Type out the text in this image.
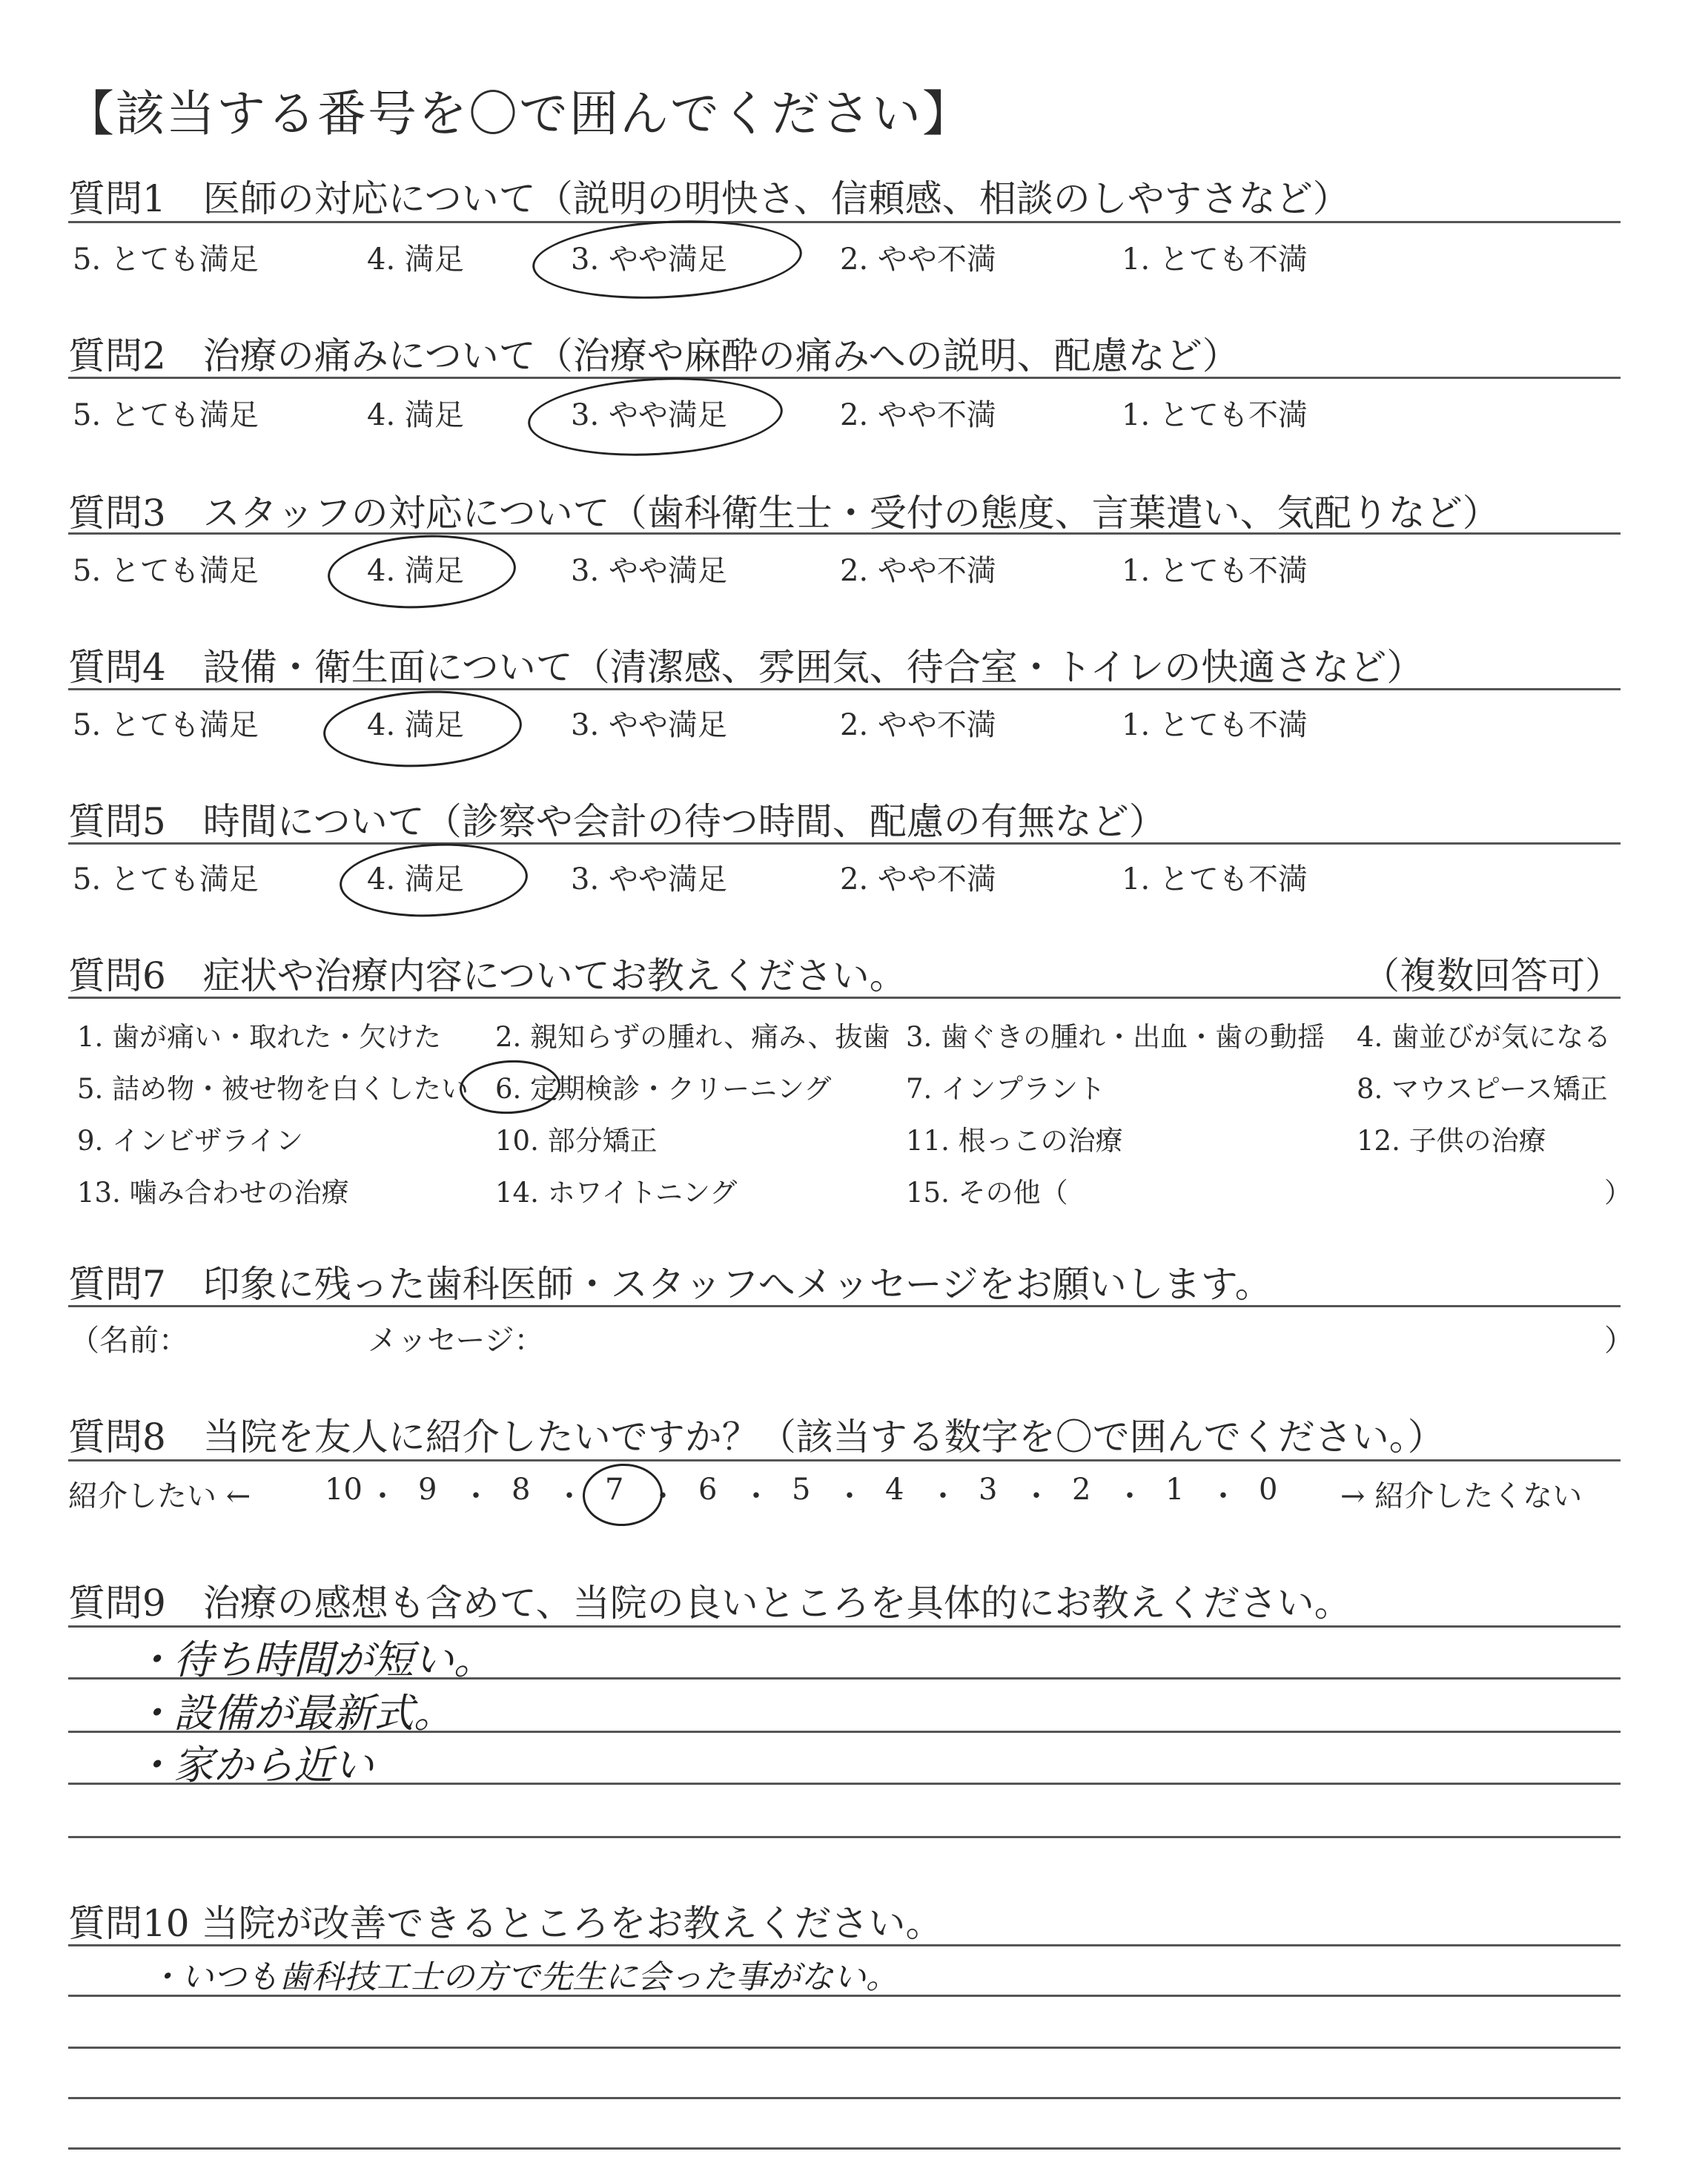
【該当する番号を〇で囲んでください】
質問1　医師の対応について（説明の明快さ、信頼感、相談のしやすさなど）
5. とても満足	4. 満足	3. やや満足	2. やや不満	1. とても不満
質問2　治療の痛みについて（治療や麻酔の痛みへの説明、配慮など）
5. とても満足	4. 満足	3. やや満足	2. やや不満	1. とても不満
質問3　スタッフの対応について（歯科衛生士・受付の態度、言葉遣い、気配りなど）
5. とても満足	4. 満足	3. やや満足	2. やや不満	1. とても不満
質問4　設備・衛生面について（清潔感、雰囲気、待合室・トイレの快適さなど）
5. とても満足	4. 満足	3. やや満足	2. やや不満	1. とても不満
質問5　時間について（診察や会計の待つ時間、配慮の有無など）
5. とても満足	4. 満足	3. やや満足	2. やや不満	1. とても不満
質問6　症状や治療内容についてお教えください。	（複数回答可）
1. 歯が痛い・取れた・欠けた 2. 親知らずの腫れ、痛み、抜歯 3. 歯ぐきの腫れ・出血・歯の動揺 4. 歯並びが気になる
5. 詰め物・被せ物を白くしたい 6. 定期検診・クリーニング	7. インプラント	8. マウスピース矯正
9. インビザライン	10. 部分矯正	11. 根っこの治療	12. 子供の治療
13. 噛み合わせの治療	14. ホワイトニング	15. その他（	）
質問7　印象に残った歯科医師・スタッフへメッセージをお願いします。
（名前：	メッセージ：	）
質問8　当院を友人に紹介したいですか？（該当する数字を〇で囲んでください。）
紹介したい ← 10 ・ 9 ・ 8 ・ 7 ・ 6 ・ 5 ・ 4 ・ 3 ・ 2 ・ 1 ・ 0 → 紹介したくない
質問9　治療の感想も含めて、当院の良いところを具体的にお教えください。
・待ち時間が短い。
・設備が最新式。
・家から近い
質問10 当院が改善できるところをお教えください。
・いつも歯科技工士の方で先生に会った事がない。
